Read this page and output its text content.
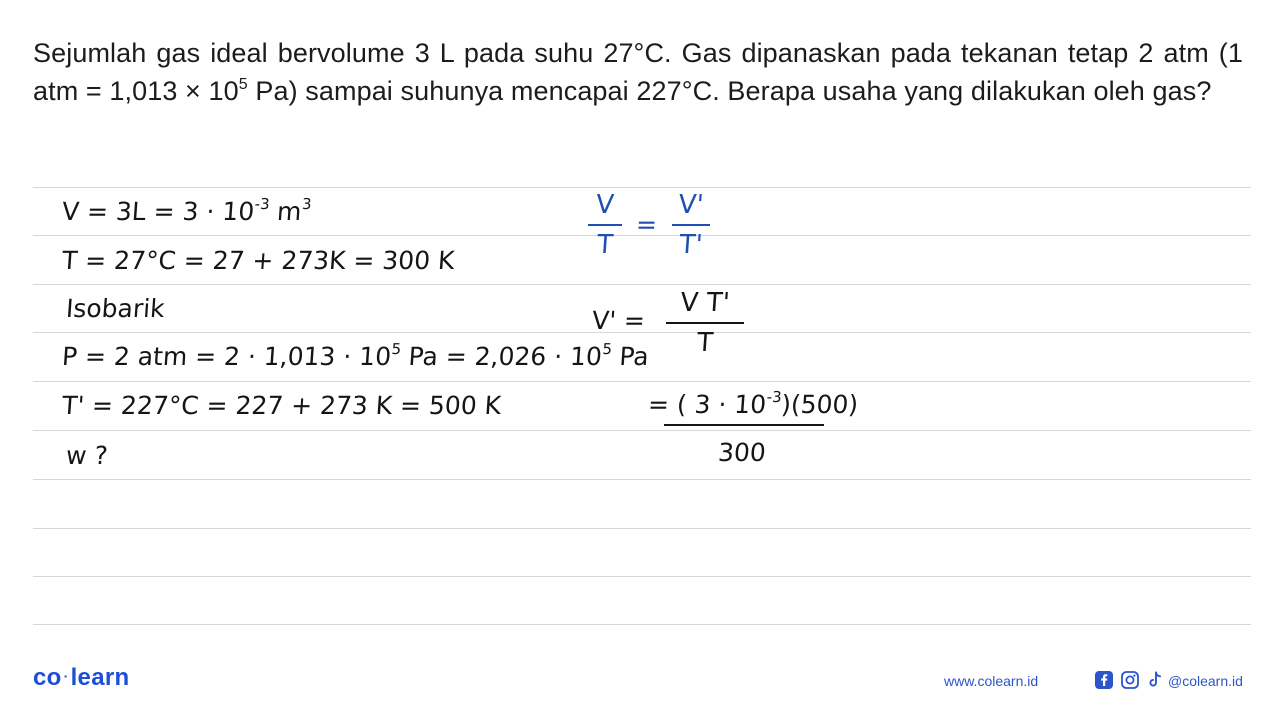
Sejumlah gas ideal bervolume 3 L pada suhu 27°C. Gas dipanaskan pada tekanan tetap 2 atm (1 atm = $1,013 \times 10^5$ Pa) sampai suhunya mencapai 227°C. Berapa usaha yang dilakukan oleh gas?
$V = 3L = 3 \cdot 10^{-3}$ $m^3$
T = 27°C = 27 + 273K = 300 K
Isobarik
P = 2 atm = $2 \cdot 1,013 \cdot 10^5$ $Pa = 2,026 \cdot 10^5$ Pa
T' = 227°C = 227 + 273 K = 500 K
w ?
V
T
=
V'
T'
V' =
V T'
T
= ( $3 \cdot 10^{-3})(500)$
300
co ·learn	www.colearn.id	@colearn.id
